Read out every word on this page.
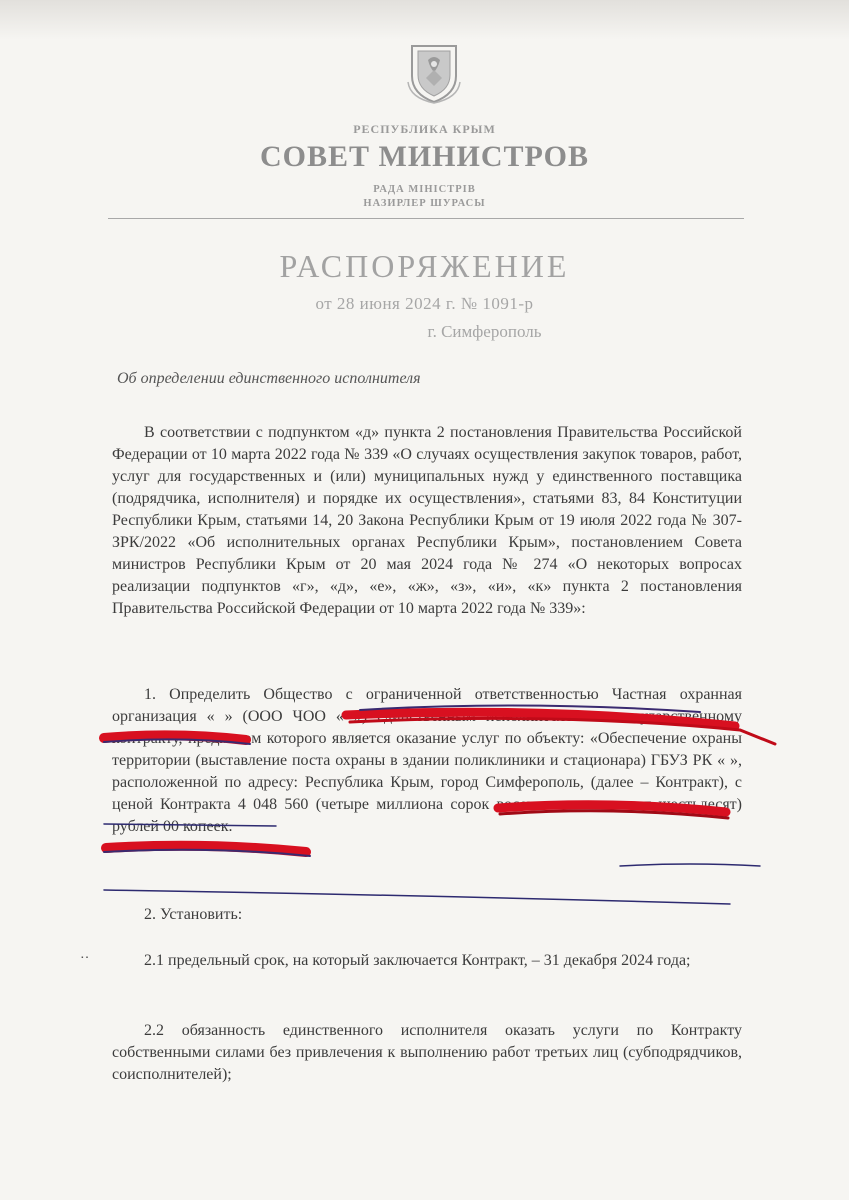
РЕСПУБЛИКА КРЫМ
СОВЕТ МИНИСТРОВ
РАДА МІНІСТРІВ
НАЗИРЛЕР ШУРАСЫ
РАСПОРЯЖЕНИЕ
от 28 июня 2024 г. № 1091-р
г. Симферополь
Об определении единственного исполнителя

В соответствии с подпунктом «д» пункта 2 постановления Правительства Российской Федерации от 10 марта 2022 года № 339 «О случаях осуществления закупок товаров, работ, услуг для государственных и (или) муниципальных нужд у единственного поставщика (подрядчика, исполнителя) и порядке их осуществления», статьями 83, 84 Конституции Республики Крым, статьями 14, 20 Закона Республики Крым от 19 июля 2022 года № 307-ЗРК/2022 «Об исполнительных органах Республики Крым», постановлением Совета министров Республики Крым от 20 мая 2024 года № 274 «О некоторых вопросах реализации подпунктов «г», «д», «е», «ж», «з», «и», «к» пункта 2 постановления Правительства Российской Федерации от 10 марта 2022 года № 339»:

1. Определить Общество с ограниченной ответственностью Частная охранная организация « » (ООО ЧОО « ») единственным исполнителем по государственному контракту, предметом которого является оказание услуг по объекту: «Обеспечение охраны территории (выставление поста охраны в здании поликлиники и стационара) ГБУЗ РК « », расположенной по адресу: Республика Крым, город Симферополь, (далее – Контракт), с ценой Контракта 4 048 560 (четыре миллиона сорок восемь тысяч пятьсот шестьдесят) рублей 00 копеек.

2. Установить:

2.1 предельный срок, на который заключается Контракт, – 31 декабря 2024 года;

2.2 обязанность единственного исполнителя оказать услуги по Контракту собственными силами без привлечения к выполнению работ третьих лиц (субподрядчиков, соисполнителей);

‥
